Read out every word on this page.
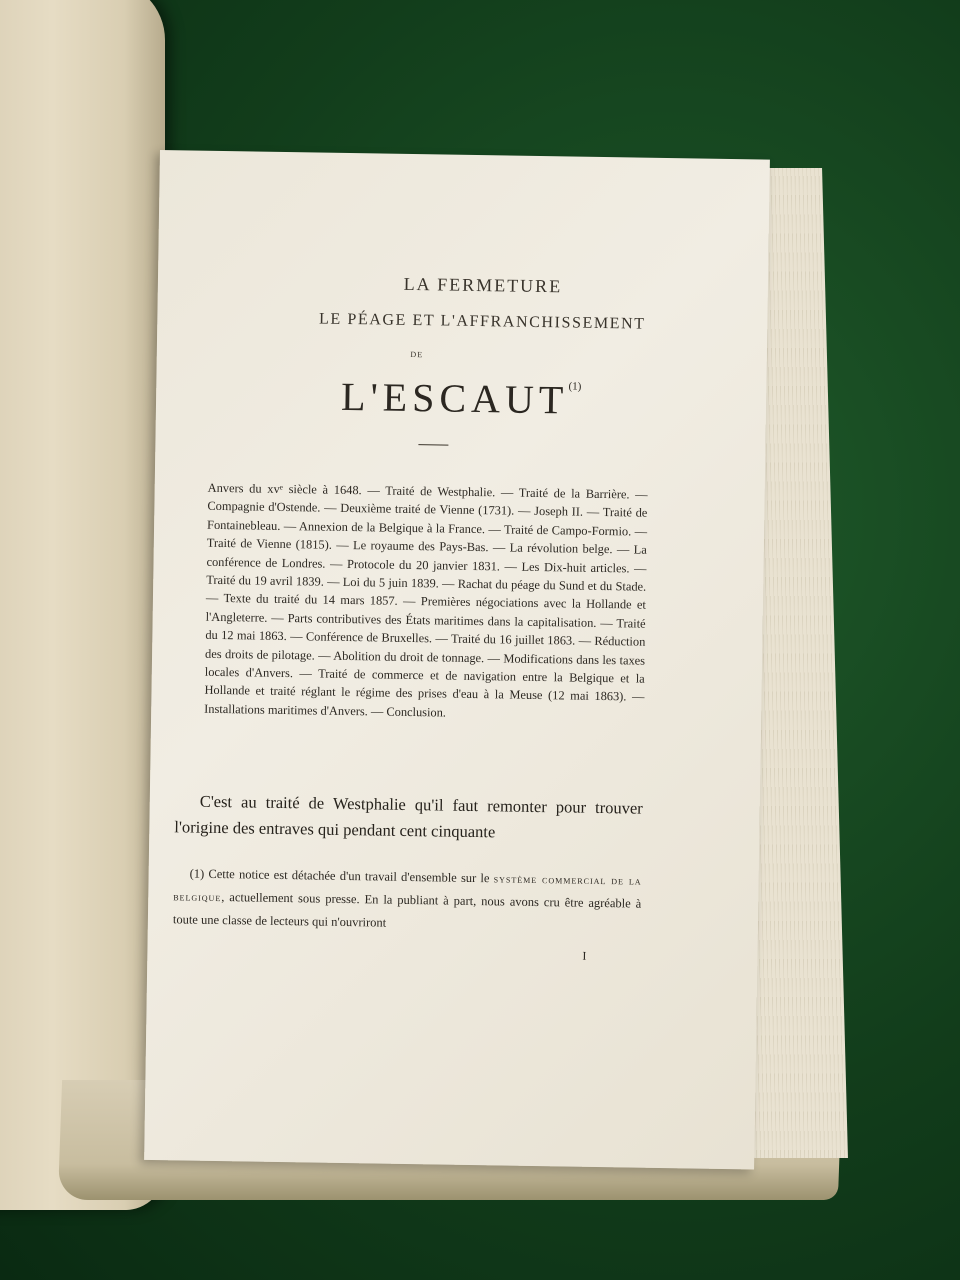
LA FERMETURE
LE PÉAGE ET L'AFFRANCHISSEMENT
DE
L'ESCAUT$^{(1)}$

Anvers du xvᵉ siècle à 1648. — Traité de Westphalie. — Traité de la Barrière. — Compagnie d'Ostende. — Deuxième traité de Vienne (1731). — Joseph II. — Traité de Fontainebleau. — Annexion de la Belgique à la France. — Traité de Campo-Formio. — Traité de Vienne (1815). — Le royaume des Pays-Bas. — La révolution belge. — La conférence de Londres. — Protocole du 20 janvier 1831. — Les Dix-huit articles. — Traité du 19 avril 1839. — Loi du 5 juin 1839. — Rachat du péage du Sund et du Stade. — Texte du traité du 14 mars 1857. — Premières négociations avec la Hollande et l'Angleterre. — Parts contributives des États maritimes dans la capitalisation. — Traité du 12 mai 1863. — Conférence de Bruxelles. — Traité du 16 juillet 1863. — Réduction des droits de pilotage. — Abolition du droit de tonnage. — Modifications dans les taxes locales d'Anvers. — Traité de commerce et de navigation entre la Belgique et la Hollande et traité réglant le régime des prises d'eau à la Meuse (12 mai 1863). — Installations maritimes d'Anvers. — Conclusion.

C'est au traité de Westphalie qu'il faut remonter pour trouver l'origine des entraves qui pendant cent cinquante
(1) Cette notice est détachée d'un travail d'ensemble sur le système commercial de la belgique, actuellement sous presse. En la publiant à part, nous avons cru être agréable à toute une classe de lecteurs qui n'ouvriront
I
